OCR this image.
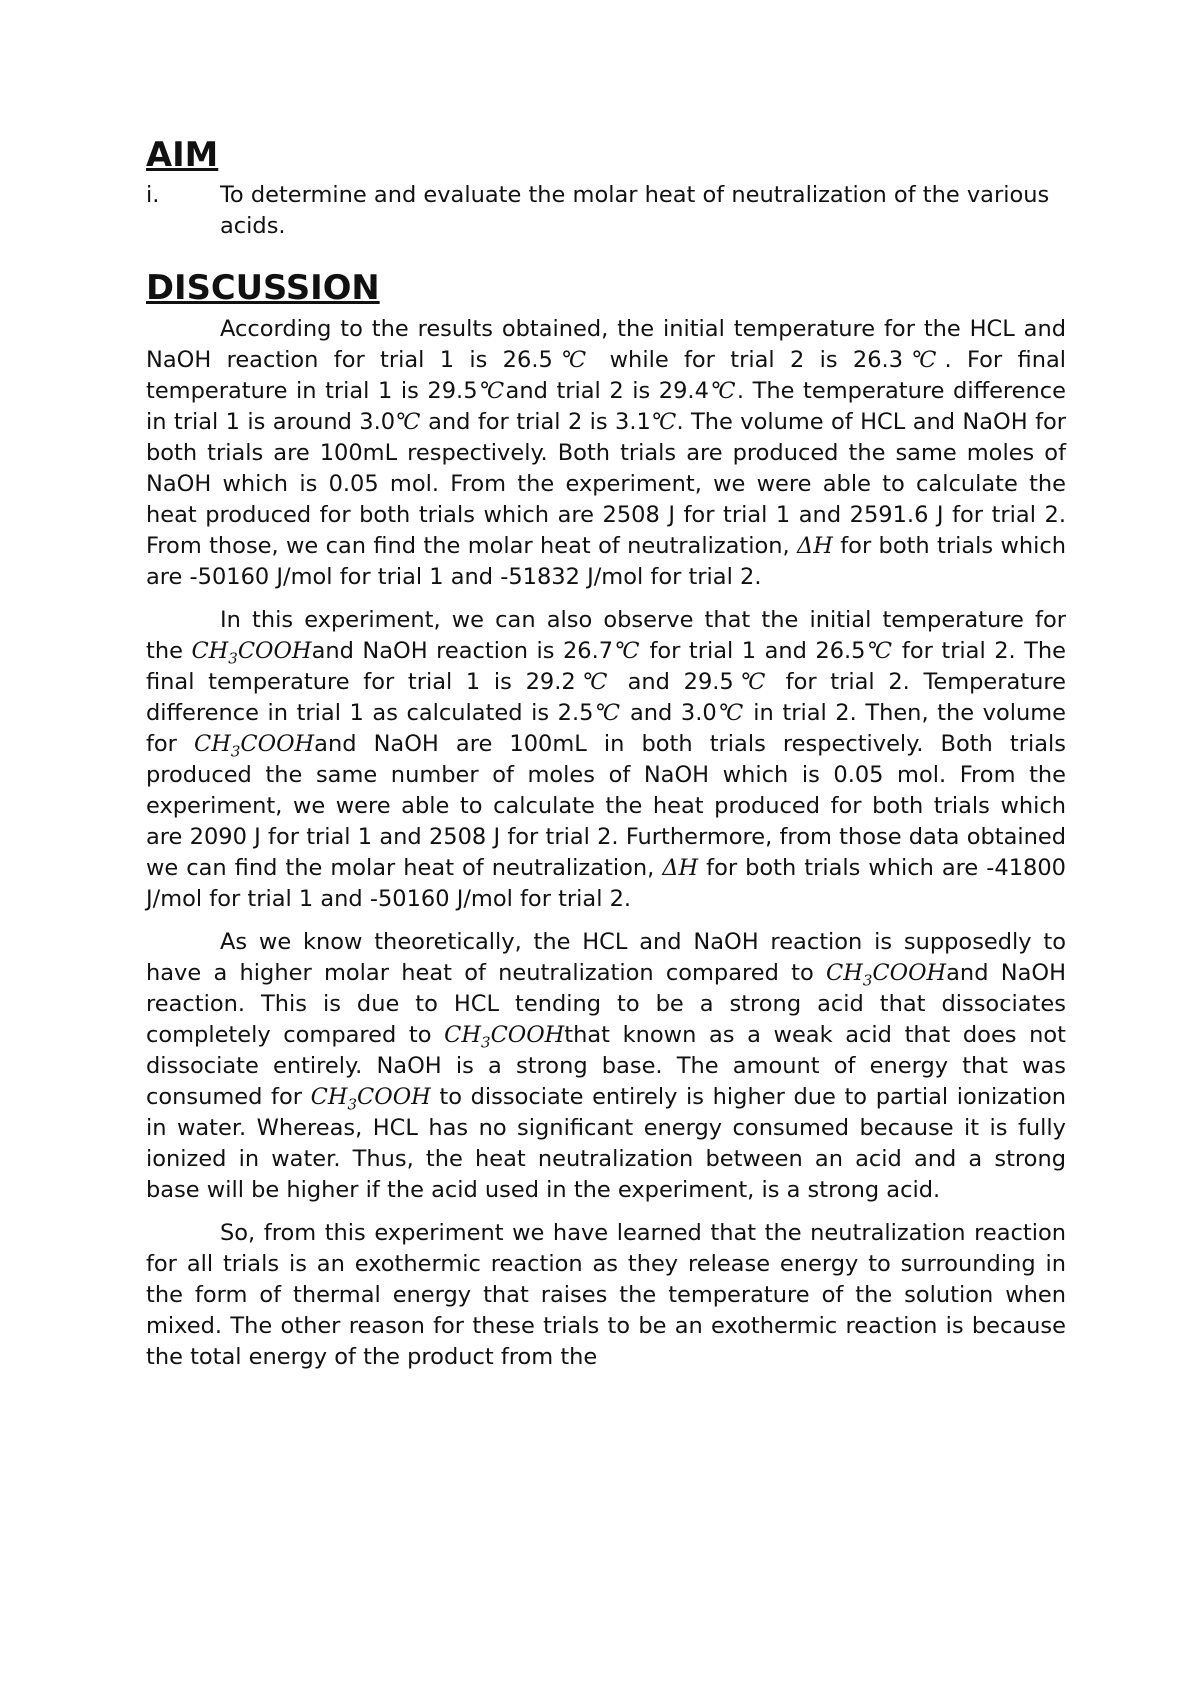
AIM
i.	To determine and evaluate the molar heat of neutralization of the various acids.
DISCUSSION

According to the results obtained, the initial temperature for the HCL and NaOH reaction for trial 1 is 26.5℃ while for trial 2 is 26.3℃. For final temperature in trial 1 is 29.5℃and trial 2 is 29.4℃. The temperature difference in trial 1 is around 3.0℃ and for trial 2 is 3.1℃. The volume of HCL and NaOH for both trials are 100mL respectively. Both trials are produced the same moles of NaOH which is 0.05 mol. From the experiment, we were able to calculate the heat produced for both trials which are 2508 J for trial 1 and 2591.6 J for trial 2. From those, we can find the molar heat of neutralization, ΔH for both trials which are -50160 J/mol for trial 1 and -51832 J/mol for trial 2.

In this experiment, we can also observe that the initial temperature for the $CH_3COOHand$ NaOH reaction is 26.7℃ for trial 1 and 26.5℃ for trial 2. The final temperature for trial 1 is 29.2℃ and 29.5℃ for trial 2. Temperature difference in trial 1 as calculated is 2.5℃ and 3.0℃ in trial 2. Then, the volume for $CH_3COOHand$ NaOH are 100mL in both trials respectively. Both trials produced the same number of moles of NaOH which is 0.05 mol. From the experiment, we were able to calculate the heat produced for both trials which are 2090 J for trial 1 and 2508 J for trial 2. Furthermore, from those data obtained we can find the molar heat of neutralization, ΔH for both trials which are -41800 J/mol for trial 1 and -50160 J/mol for trial 2.

As we know theoretically, the HCL and NaOH reaction is supposedly to have a higher molar heat of neutralization compared to $CH_3COOHand$ NaOH reaction. This is due to HCL tending to be a strong acid that dissociates completely compared to $CH_3COOHthat$ known as a weak acid that does not dissociate entirely. NaOH is a strong base. The amount of energy that was consumed for $CH_3COOH$ to dissociate entirely is higher due to partial ionization in water. Whereas, HCL has no significant energy consumed because it is fully ionized in water. Thus, the heat neutralization between an acid and a strong base will be higher if the acid used in the experiment, is a strong acid.

So, from this experiment we have learned that the neutralization reaction for all trials is an exothermic reaction as they release energy to surrounding in the form of thermal energy that raises the temperature of the solution when mixed. The other reason for these trials to be an exothermic reaction is because the total energy of the product from the
